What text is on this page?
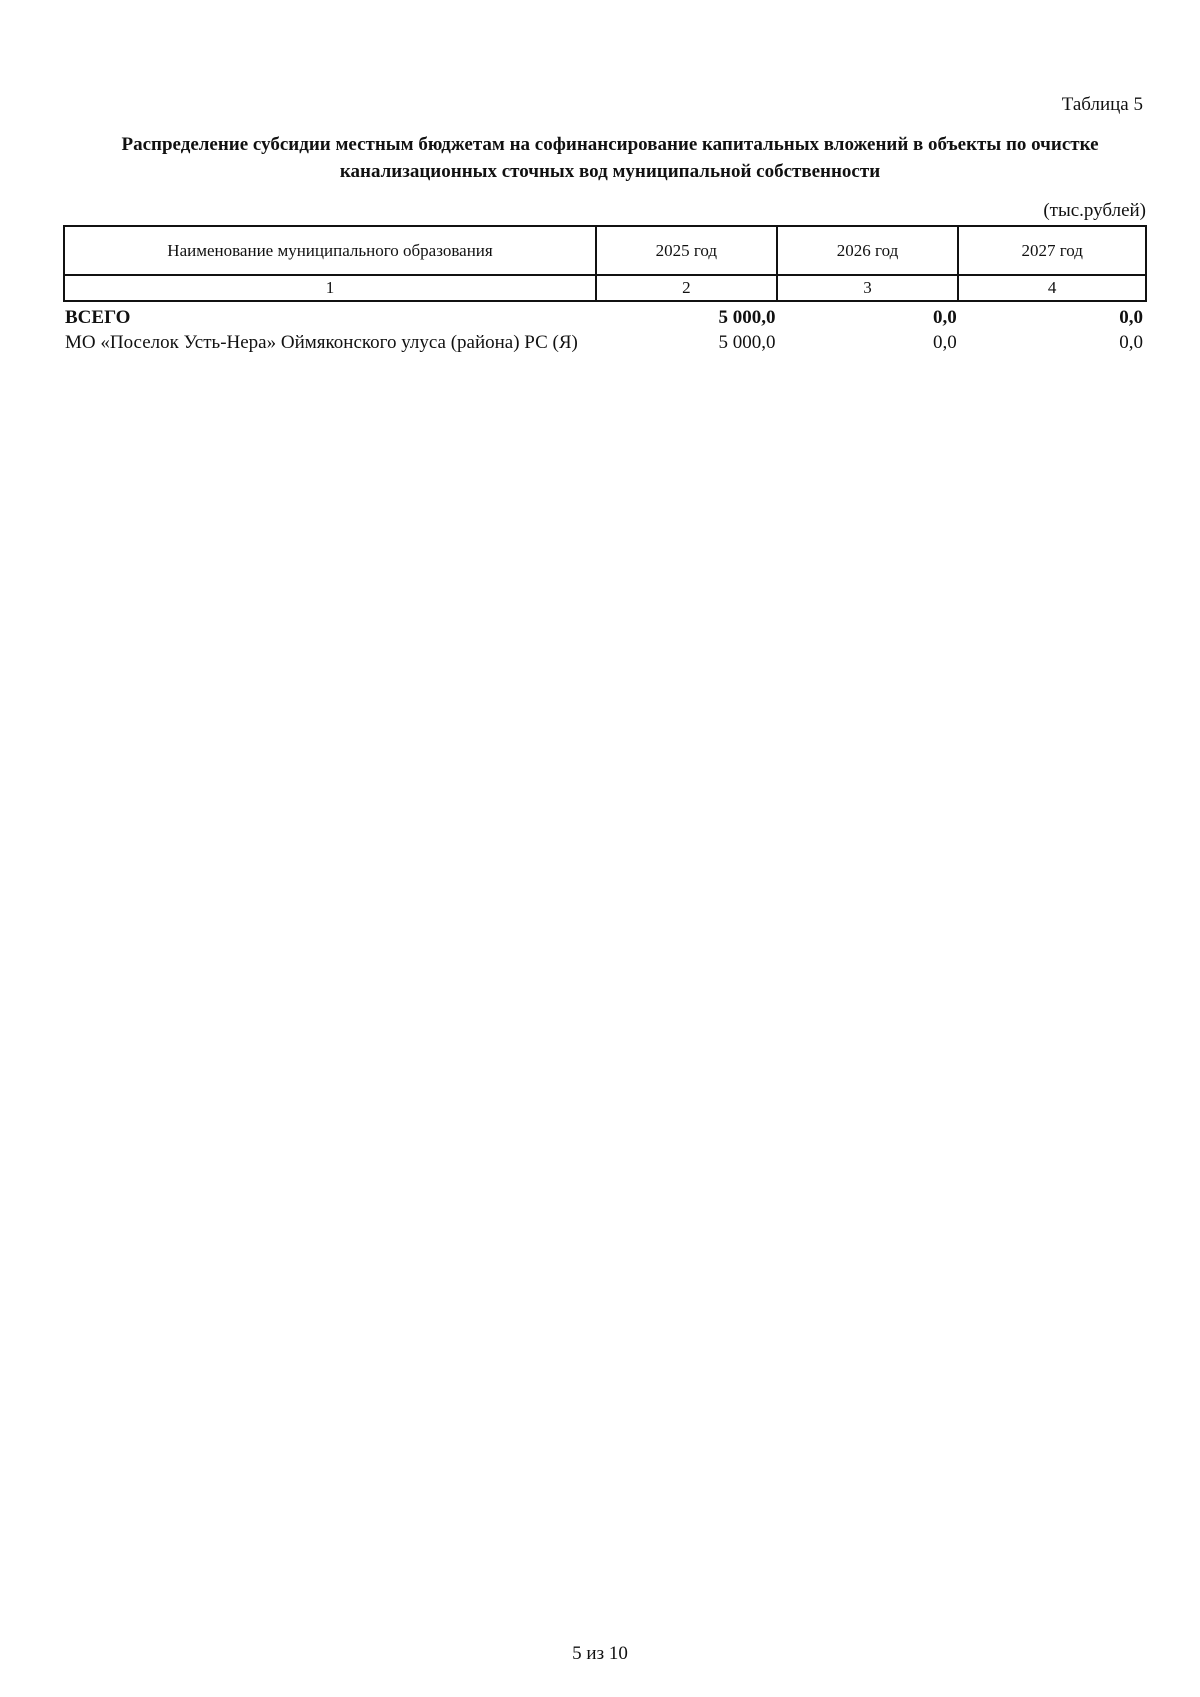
Таблица 5
Распределение субсидии местным бюджетам на софинансирование капитальных вложений в объекты по очистке
канализационных сточных вод муниципальной собственности
(тыс.рублей)
Наименование муниципального образования	2025 год	2026 год	2027 год
1	2	3	4
ВСЕГО	5 000,0	0,0	0,0
МО «Поселок Усть-Нера» Оймяконского улуса (района) РС (Я)	5 000,0	0,0	0,0
5 из 10
